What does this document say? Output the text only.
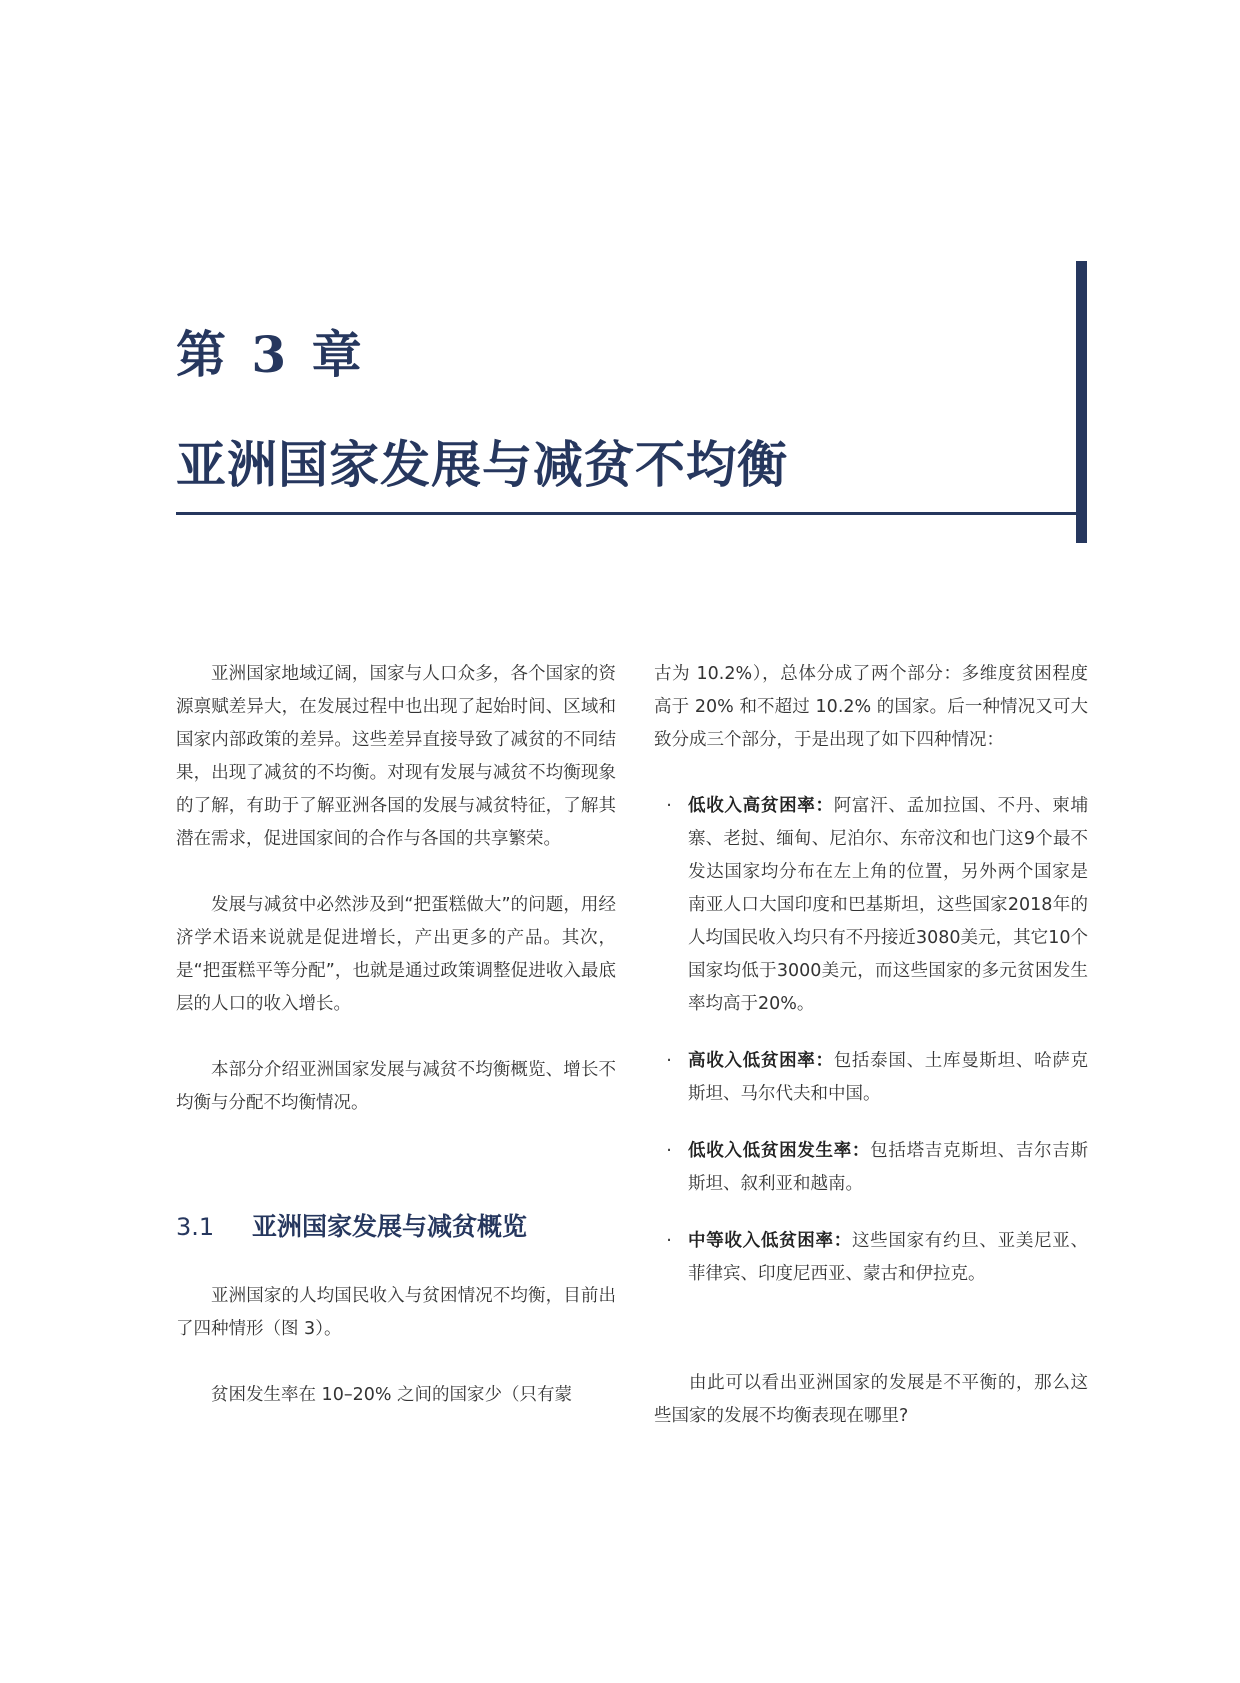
第 3 章
亚洲国家发展与减贫不均衡

亚洲国家地域辽阔，国家与人口众多，各个国家的资源禀赋差异大，在发展过程中也出现了起始时间、区域和国家内部政策的差异。这些差异直接导致了减贫的不同结果，出现了减贫的不均衡。对现有发展与减贫不均衡现象的了解，有助于了解亚洲各国的发展与减贫特征，了解其潜在需求，促进国家间的合作与各国的共享繁荣。

发展与减贫中必然涉及到“把蛋糕做大”的问题，用经济学术语来说就是促进增长，产出更多的产品。其次，是“把蛋糕平等分配”，也就是通过政策调整促进收入最底层的人口的收入增长。

本部分介绍亚洲国家发展与减贫不均衡概览、增长不均衡与分配不均衡情况。

3.1	亚洲国家发展与减贫概览

亚洲国家的人均国民收入与贫困情况不均衡，目前出了四种情形（图 3）。

贫困发生率在 10–20% 之间的国家少（只有蒙

古为 10.2%），总体分成了两个部分：多维度贫困程度高于 20% 和不超过 10.2% 的国家。后一种情况又可大致分成三个部分，于是出现了如下四种情况：

· 低收入高贫困率：阿富汗、孟加拉国、不丹、柬埔寨、老挝、缅甸、尼泊尔、东帝汶和也门这9个最不发达国家均分布在左上角的位置，另外两个国家是南亚人口大国印度和巴基斯坦，这些国家2018年的人均国民收入均只有不丹接近3080美元，其它10个国家均低于3000美元，而这些国家的多元贫困发生率均高于20%。
· 高收入低贫困率：包括泰国、土库曼斯坦、哈萨克斯坦、马尔代夫和中国。
· 低收入低贫困发生率：包括塔吉克斯坦、吉尔吉斯斯坦、叙利亚和越南。
· 中等收入低贫困率：这些国家有约旦、亚美尼亚、菲律宾、印度尼西亚、蒙古和伊拉克。

由此可以看出亚洲国家的发展是不平衡的，那么这些国家的发展不均衡表现在哪里?
